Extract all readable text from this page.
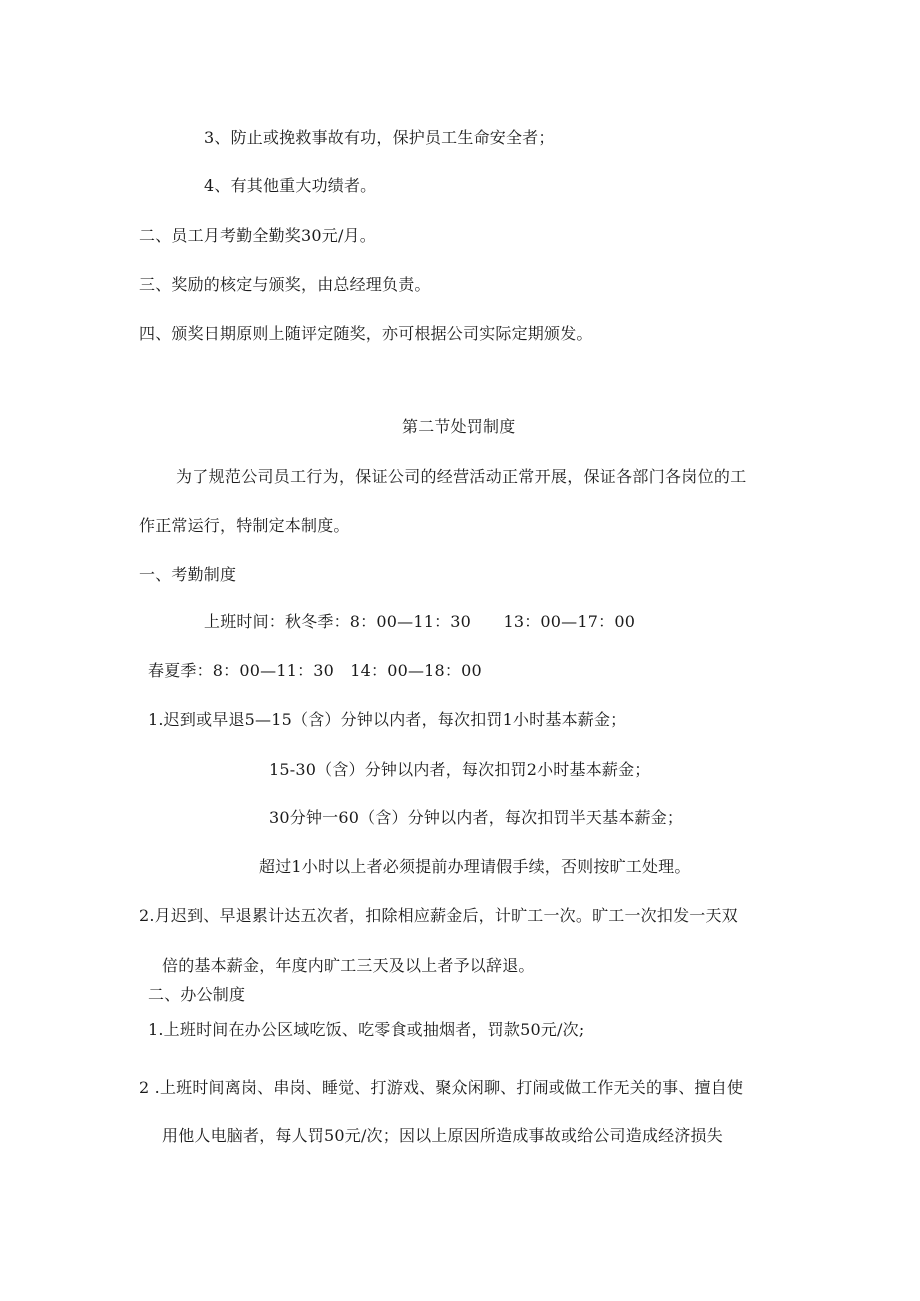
3、防止或挽救事故有功，保护员工生命安全者；
4、有其他重大功绩者。
二、员工月考勤全勤奖30元/月。
三、奖励的核定与颁奖，由总经理负责。
四、颁奖日期原则上随评定随奖，亦可根据公司实际定期颁发。
第二节处罚制度
为了规范公司员工行为，保证公司的经营活动正常开展，保证各部门各岗位的工
作正常运行，特制定本制度。
一、考勤制度
上班时间：秋冬季：8：00—11：30　　13：00—17：00
春夏季：8：00—11：30　14：00—18：00
1.迟到或早退5—15（含）分钟以内者，每次扣罚1小时基本薪金；
15-30（含）分钟以内者，每次扣罚2小时基本薪金；
30分钟一60（含）分钟以内者，每次扣罚半天基本薪金；
超过1小时以上者必须提前办理请假手续，否则按旷工处理。
2.月迟到、早退累计达五次者，扣除相应薪金后，计旷工一次。旷工一次扣发一天双
倍的基本薪金，年度内旷工三天及以上者予以辞退。
二、办公制度
1.上班时间在办公区域吃饭、吃零食或抽烟者，罚款50元/次;
2 .上班时间离岗、串岗、睡觉、打游戏、聚众闲聊、打闹或做工作无关的事、擅自使
用他人电脑者，每人罚50元/次；因以上原因所造成事故或给公司造成经济损失
